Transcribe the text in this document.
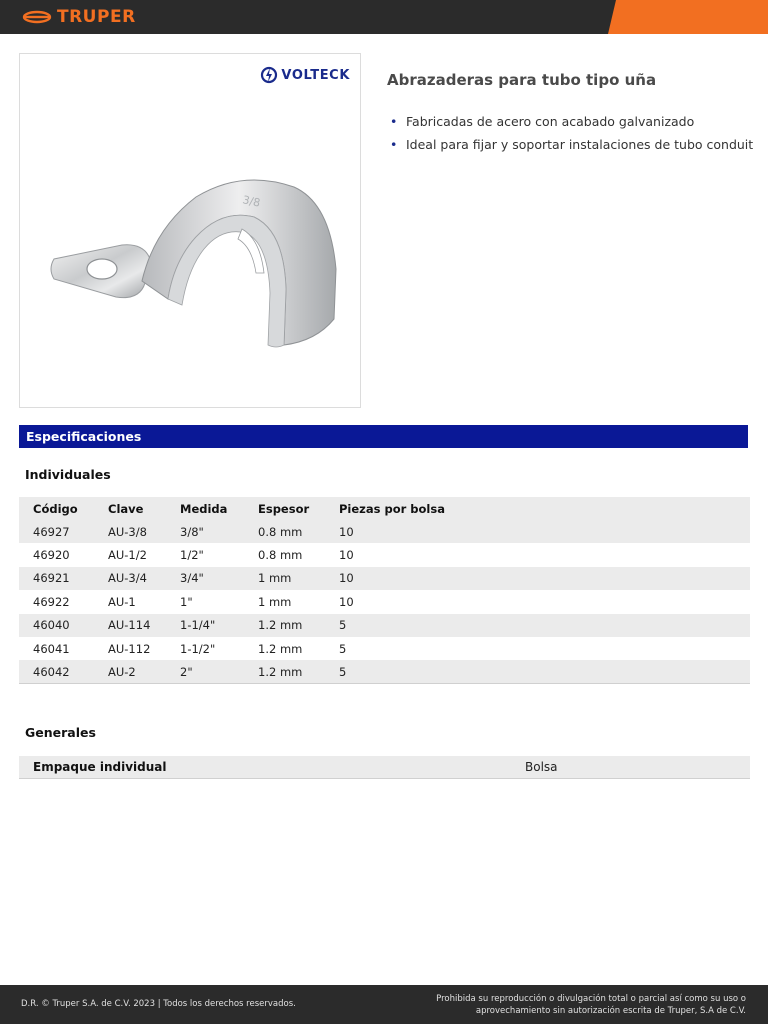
TRUPER
VOLTECK
3/8
Abrazaderas para tubo tipo uña
• Fabricadas de acero con acabado galvanizado
• Ideal para fijar y soportar instalaciones de tubo conduit
Especificaciones
Individuales
Código	Clave	Medida	Espesor	Piezas por bolsa
46927	AU-3/8	3/8"	0.8 mm	10
46920	AU-1/2	1/2"	0.8 mm	10
46921	AU-3/4	3/4"	1 mm	10
46922	AU-1	1"	1 mm	10
46040	AU-114	1-1/4"	1.2 mm	5
46041	AU-112	1-1/2"	1.2 mm	5
46042	AU-2	2"	1.2 mm	5
Generales
Empaque individual	Bolsa
D.R. © Truper S.A. de C.V. 2023 | Todos los derechos reservados.	Prohibida su reproducción o divulgación total o parcial así como su uso o
aprovechamiento sin autorización escrita de Truper, S.A de C.V.
